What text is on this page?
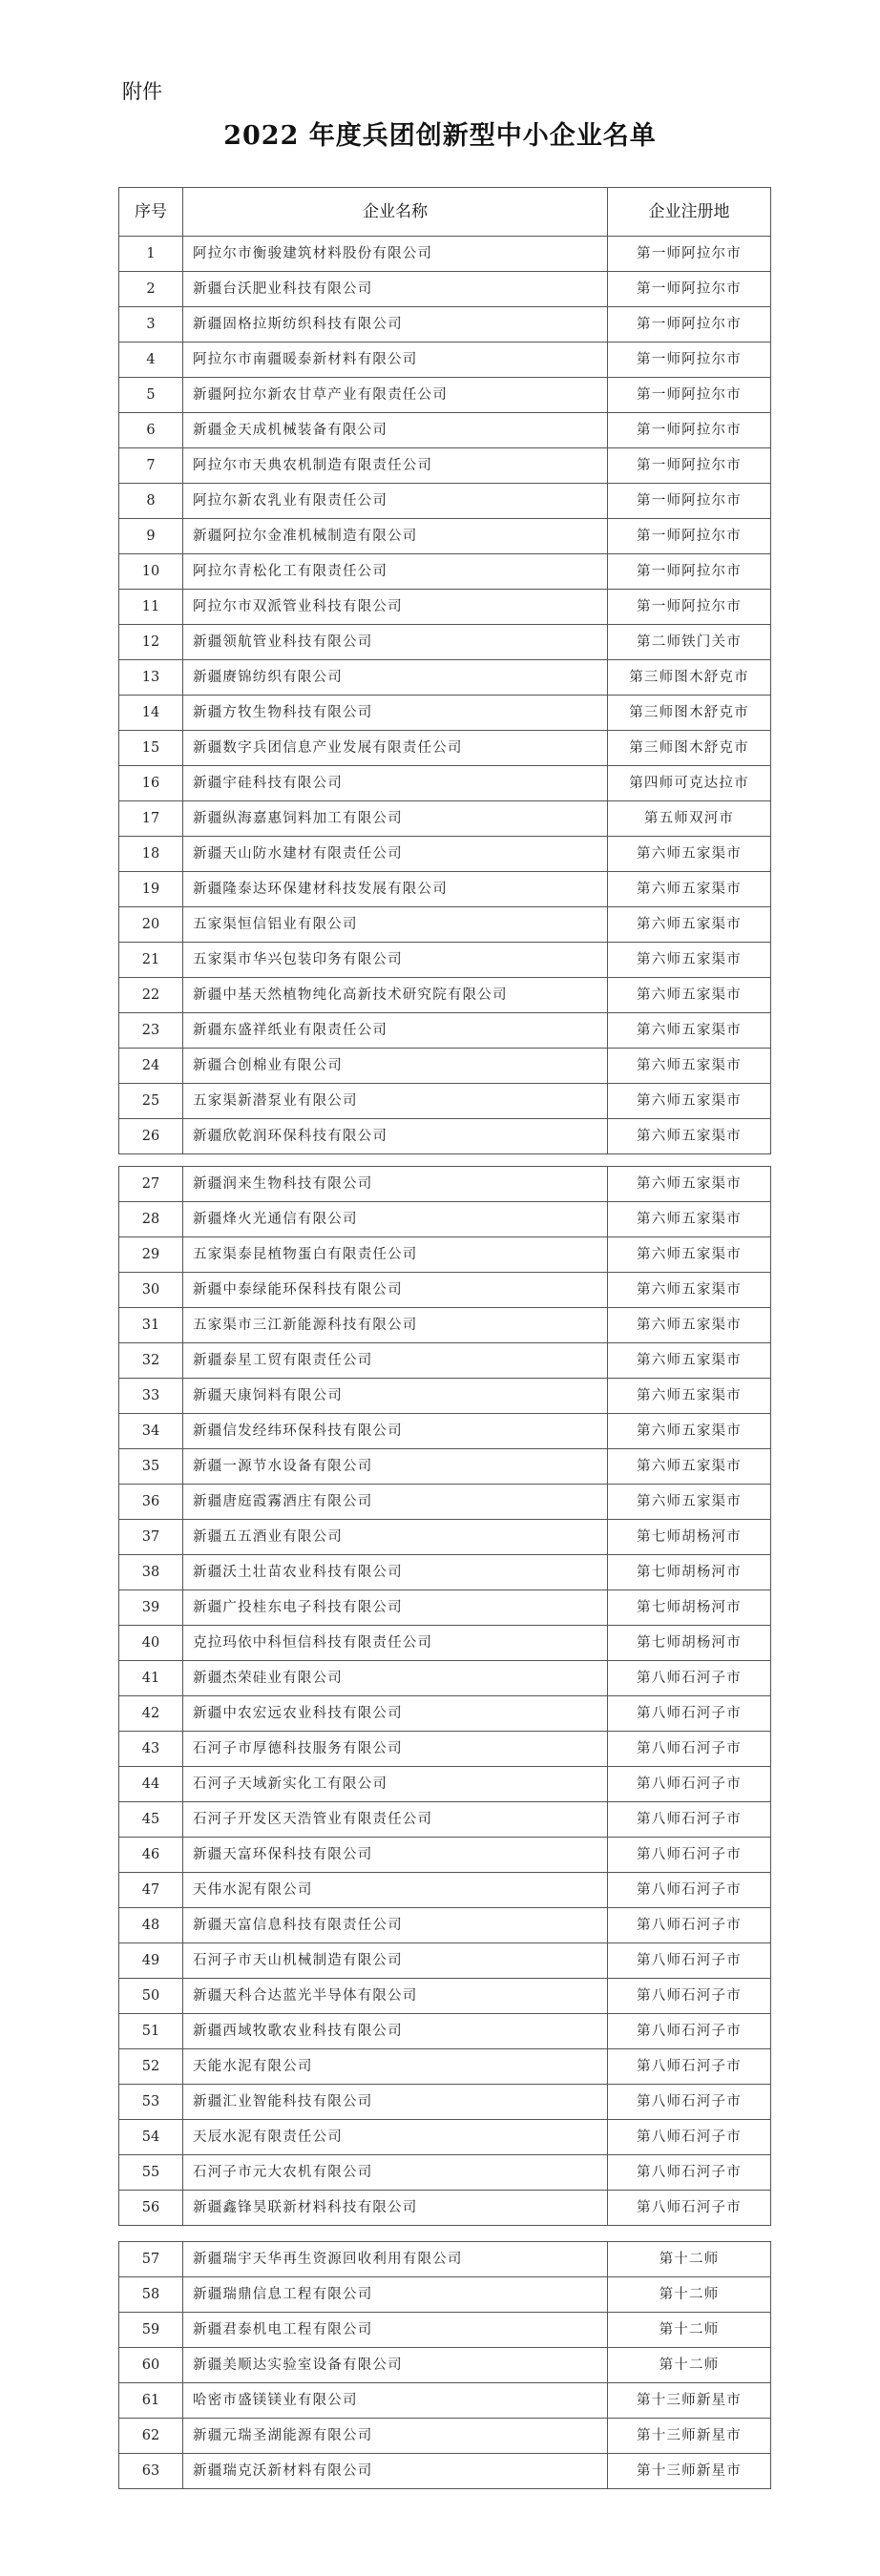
附件
2022 年度兵团创新型中小企业名单
序号	企业名称	企业注册地
1	阿拉尔市衡骏建筑材料股份有限公司	第一师阿拉尔市
2	新疆台沃肥业科技有限公司	第一师阿拉尔市
3	新疆固格拉斯纺织科技有限公司	第一师阿拉尔市
4	阿拉尔市南疆暖泰新材料有限公司	第一师阿拉尔市
5	新疆阿拉尔新农甘草产业有限责任公司	第一师阿拉尔市
6	新疆金天成机械装备有限公司	第一师阿拉尔市
7	阿拉尔市天典农机制造有限责任公司	第一师阿拉尔市
8	阿拉尔新农乳业有限责任公司	第一师阿拉尔市
9	新疆阿拉尔金准机械制造有限公司	第一师阿拉尔市
10	阿拉尔青松化工有限责任公司	第一师阿拉尔市
11	阿拉尔市双派管业科技有限公司	第一师阿拉尔市
12	新疆领航管业科技有限公司	第二师铁门关市
13	新疆赓锦纺织有限公司	第三师图木舒克市
14	新疆方牧生物科技有限公司	第三师图木舒克市
15	新疆数字兵团信息产业发展有限责任公司	第三师图木舒克市
16	新疆宇硅科技有限公司	第四师可克达拉市
17	新疆纵海嘉惠饲料加工有限公司	第五师双河市
18	新疆天山防水建材有限责任公司	第六师五家渠市
19	新疆隆泰达环保建材科技发展有限公司	第六师五家渠市
20	五家渠恒信铝业有限公司	第六师五家渠市
21	五家渠市华兴包装印务有限公司	第六师五家渠市
22	新疆中基天然植物纯化高新技术研究院有限公司	第六师五家渠市
23	新疆东盛祥纸业有限责任公司	第六师五家渠市
24	新疆合创棉业有限公司	第六师五家渠市
25	五家渠新潜泵业有限公司	第六师五家渠市
26	新疆欣乾润环保科技有限公司	第六师五家渠市
27	新疆润来生物科技有限公司	第六师五家渠市
28	新疆烽火光通信有限公司	第六师五家渠市
29	五家渠泰昆植物蛋白有限责任公司	第六师五家渠市
30	新疆中泰绿能环保科技有限公司	第六师五家渠市
31	五家渠市三江新能源科技有限公司	第六师五家渠市
32	新疆泰星工贸有限责任公司	第六师五家渠市
33	新疆天康饲料有限公司	第六师五家渠市
34	新疆信发经纬环保科技有限公司	第六师五家渠市
35	新疆一源节水设备有限公司	第六师五家渠市
36	新疆唐庭霞霧酒庄有限公司	第六师五家渠市
37	新疆五五酒业有限公司	第七师胡杨河市
38	新疆沃土壮苗农业科技有限公司	第七师胡杨河市
39	新疆广投桂东电子科技有限公司	第七师胡杨河市
40	克拉玛依中科恒信科技有限责任公司	第七师胡杨河市
41	新疆杰荣硅业有限公司	第八师石河子市
42	新疆中农宏远农业科技有限公司	第八师石河子市
43	石河子市厚德科技服务有限公司	第八师石河子市
44	石河子天域新实化工有限公司	第八师石河子市
45	石河子开发区天浩管业有限责任公司	第八师石河子市
46	新疆天富环保科技有限公司	第八师石河子市
47	天伟水泥有限公司	第八师石河子市
48	新疆天富信息科技有限责任公司	第八师石河子市
49	石河子市天山机械制造有限公司	第八师石河子市
50	新疆天科合达蓝光半导体有限公司	第八师石河子市
51	新疆西域牧歌农业科技有限公司	第八师石河子市
52	天能水泥有限公司	第八师石河子市
53	新疆汇业智能科技有限公司	第八师石河子市
54	天辰水泥有限责任公司	第八师石河子市
55	石河子市元大农机有限公司	第八师石河子市
56	新疆鑫锋昊联新材料科技有限公司	第八师石河子市
57	新疆瑞宇天华再生资源回收利用有限公司	第十二师
58	新疆瑞鼎信息工程有限公司	第十二师
59	新疆君泰机电工程有限公司	第十二师
60	新疆美顺达实验室设备有限公司	第十二师
61	哈密市盛镁镁业有限公司	第十三师新星市
62	新疆元瑞圣湖能源有限公司	第十三师新星市
63	新疆瑞克沃新材料有限公司	第十三师新星市
